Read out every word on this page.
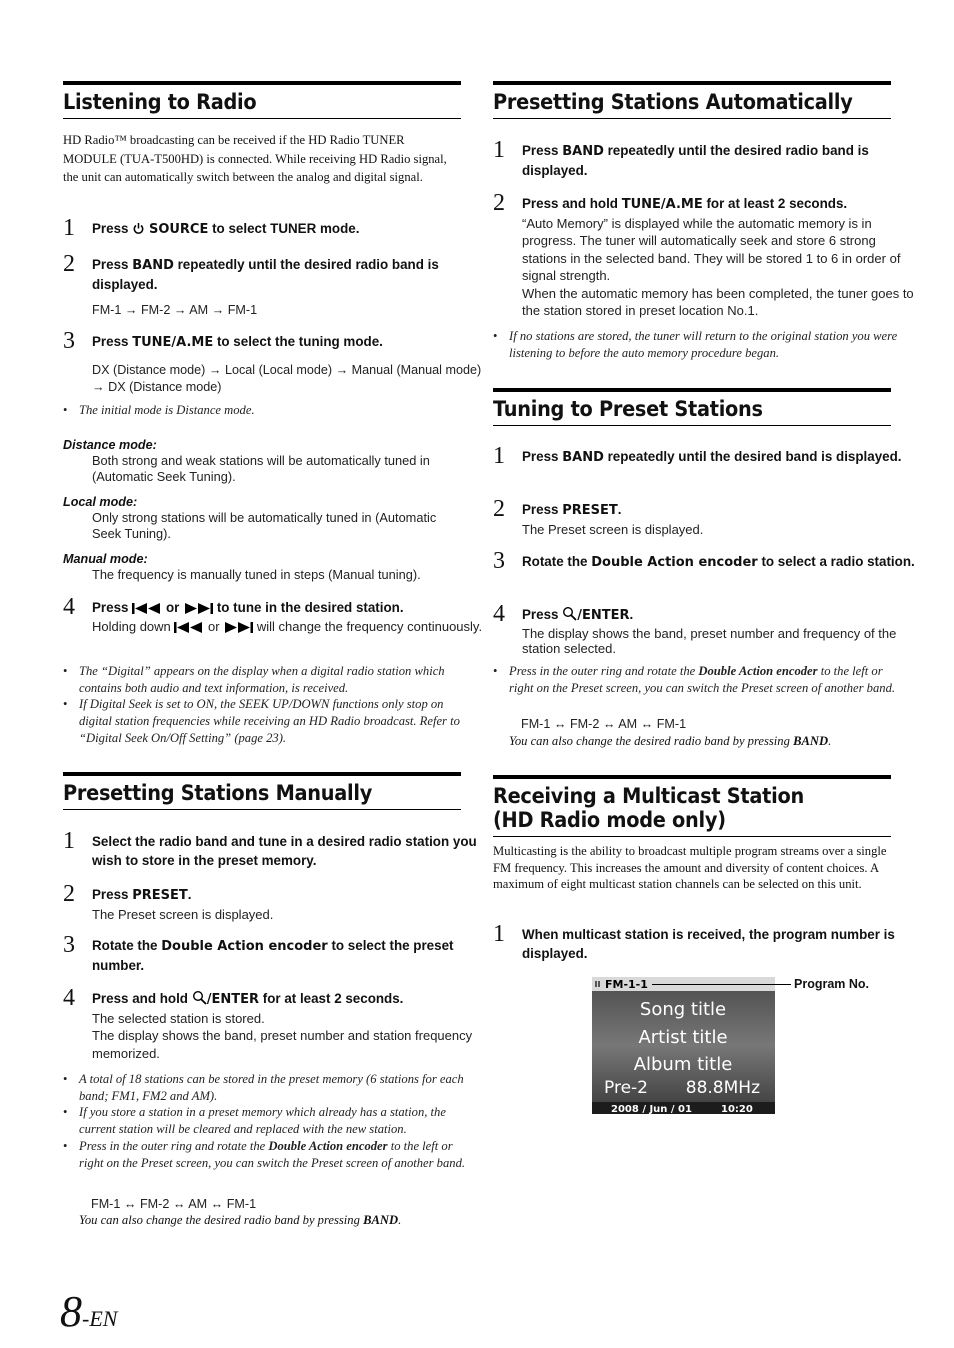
Listening to Radio

HD Radio™ broadcasting can be received if the HD Radio TUNER MODULE (TUA-T500HD) is connected. While receiving HD Radio signal, the unit can automatically switch between the analog and digital signal.

1 Press SOURCE to select TUNER mode.
2 Press BAND repeatedly until the desired radio band is displayed.
FM-1 → FM-2 → AM → FM-1
3 Press TUNE/A.ME to select the tuning mode.
DX (Distance mode) → Local (Local mode) → Manual (Manual mode) → DX (Distance mode)
• The initial mode is Distance mode.
Distance mode:
Both strong and weak stations will be automatically tuned in (Automatic Seek Tuning).
Local mode:
Only strong stations will be automatically tuned in (Automatic Seek Tuning).
Manual mode:
The frequency is manually tuned in steps (Manual tuning).
4 Press	or	to tune in the desired station.
Holding down	or	will change the frequency continuously.
• The “Digital” appears on the display when a digital radio station which contains both audio and text information, is received.
• If Digital Seek is set to ON, the SEEK UP/DOWN functions only stop on digital station frequencies while receiving an HD Radio broadcast. Refer to “Digital Seek On/Off Setting” (page 23).
Presetting Stations Manually
1 Select the radio band and tune in a desired radio station you wish to store in the preset memory.
2 Press PRESET.
The Preset screen is displayed.
3 Rotate the Double Action encoder to select the preset number.
4 Press and hold /ENTER for at least 2 seconds.
The selected station is stored.
The display shows the band, preset number and station frequency memorized.
• A total of 18 stations can be stored in the preset memory (6 stations for each band; FM1, FM2 and AM).
• If you store a station in a preset memory which already has a station, the current station will be cleared and replaced with the new station.
• Press in the outer ring and rotate the Double Action encoder to the left or right on the Preset screen, you can switch the Preset screen of another band.
FM-1 ↔ FM-2 ↔ AM ↔ FM-1
You can also change the desired radio band by pressing BAND.
Presetting Stations Automatically
1 Press BAND repeatedly until the desired radio band is displayed.
2 Press and hold TUNE/A.ME for at least 2 seconds.
“Auto Memory” is displayed while the automatic memory is in progress. The tuner will automatically seek and store 6 strong stations in the selected band. They will be stored 1 to 6 in order of signal strength.
When the automatic memory has been completed, the tuner goes to the station stored in preset location No.1.
• If no stations are stored, the tuner will return to the original station you were listening to before the auto memory procedure began.
Tuning to Preset Stations
1 Press BAND repeatedly until the desired band is displayed.
2 Press PRESET.
The Preset screen is displayed.
3 Rotate the Double Action encoder to select a radio station.
4 Press /ENTER.
The display shows the band, preset number and frequency of the station selected.
• Press in the outer ring and rotate the Double Action encoder to the left or right on the Preset screen, you can switch the Preset screen of another band.
FM-1 ↔ FM-2 ↔ AM ↔ FM-1
You can also change the desired radio band by pressing BAND.
Receiving a Multicast Station
(HD Radio mode only)

Multicasting is the ability to broadcast multiple program streams over a single FM frequency. This increases the amount and diversity of content choices. A maximum of eight multicast station channels can be selected on this unit.

1 When multicast station is received, the program number is displayed.
FM-1-1
Song title
Artist title
Album title
Pre-2 88.8MHz
2008 / Jun / 01	10:20
Program No.
8-EN
